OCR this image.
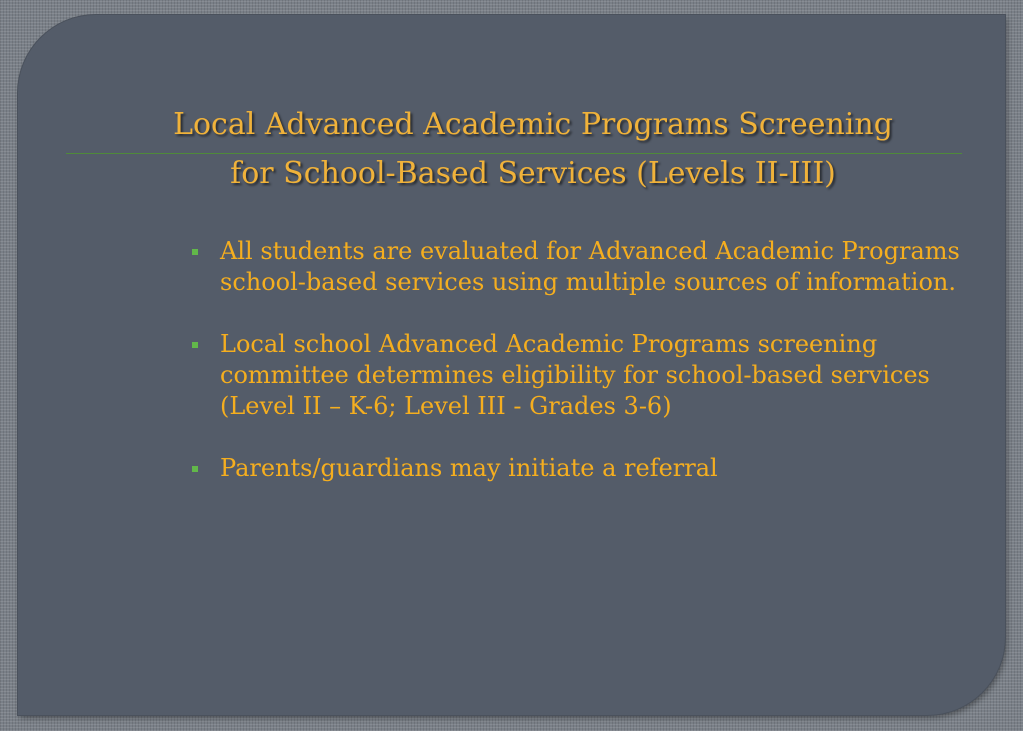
Local Advanced Academic Programs Screening
for School-Based Services (Levels II-III)
All students are evaluated for Advanced Academic Programs school-based services using multiple sources of information.
Local school Advanced Academic Programs screening committee determines eligibility for school-based services (Level II – K-6; Level III - Grades 3-6)
Parents/guardians may initiate a referral
